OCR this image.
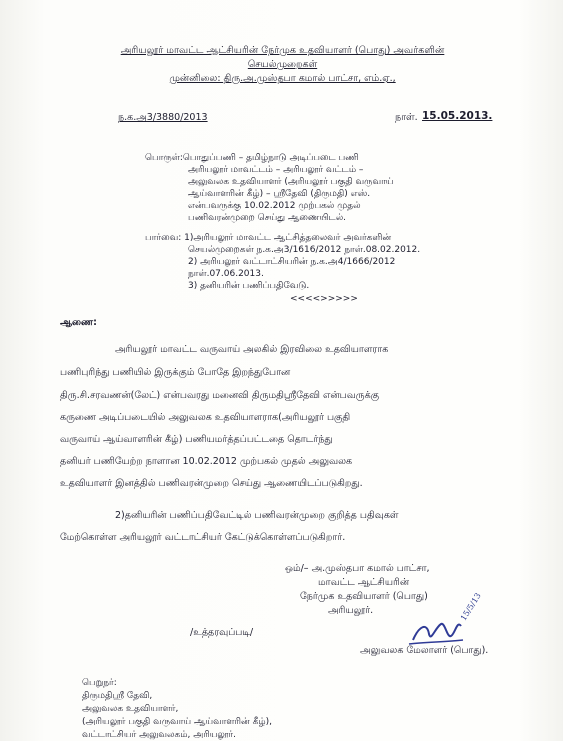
அரியலூர் மாவட்ட ஆட்சியரின் நேர்முக உதவியாளர் (பொது) அவர்களின்
செயல்முறைகள்
முன்னிலை: திரு.அ.முஸ்தபா கமால் பாட்சா, எம்.ஏ.,
ந.க.அ3/3880/2013	நாள். 15.05.2013.
பொருள்:பொதுப்பணி – தமிழ்நாடு அடிப்படை பணி
அரியலூர் மாவட்டம் – அரியலூர் வட்டம் –
அலுவலக உதவியாளர் (அரியலூர் பகுதி வருவாய்
ஆய்வாளரின் கீழ்) – ஸ்ரீதேவி (திருமதி) எஸ்.
என்பவருக்கு 10.02.2012 முற்பகல் முதல்
பணிவரன்முறை செய்து ஆணையிடல்.
பார்வை: 1)அரியலூர் மாவட்ட ஆட்சித்தலைவர் அவர்களின்
செயல்முறைகள் ந.க.அ3/1616/2012 நாள்.08.02.2012.
2) அரியலூர் வட்டாட்சியரின் ந.க.அ4/1666/2012
நாள்.07.06.2013.
3) தனியரின் பணிப்பதிவேடு.
<<<<>>>>>
ஆணை:
அரியலூர் மாவட்ட வருவாய் அலகில் இரவிலை உதவியாளராக
பணிபுரிந்து பணியில் இருக்கும் போதே இறந்துபோன
திரு.சி.சரவணன்(லேட்) என்பவரது மனைவி திருமதிஸ்ரீதேவி என்பவருக்கு
கருணை அடிப்படையில் அலுவலக உதவியாளராக(அரியலூர் பகுதி
வருவாய் ஆய்வாளரின் கீழ்) பணியமர்த்தப்பட்டதை தொடர்ந்து
தனியர் பணியேற்ற நாளான 10.02.2012 முற்பகல் முதல் அலுவலக
உதவியாளர் இனத்தில் பணிவரன்முறை செய்து ஆணையிடப்படுகிறது.
2)தனியரின் பணிப்பதிவேட்டில் பணிவரன்முறை குறித்த பதிவுகள்
மேற்கொள்ள அரியலூர் வட்டாட்சியர் கேட்டுக்கொள்ளப்படுகிறார்.
ஒம்/– அ.முஸ்தபா கமால் பாட்சா,
மாவட்ட ஆட்சியரின்
நேர்முக உதவியாளர் (பொது)
அரியலூர்.
/உத்தரவுப்படி/
15/5/13
அலுவலக மேலாளர் (பொது).
பெறுநர்:
திருமதிஸ்ரீ தேவி,
அலுவலக உதவியாளர்,
(அரியலூர் பகுதி வருவாய் ஆய்வாளரின் கீழ்),
வட்டாட்சியர் அலுவலகம், அரியலூர்.
